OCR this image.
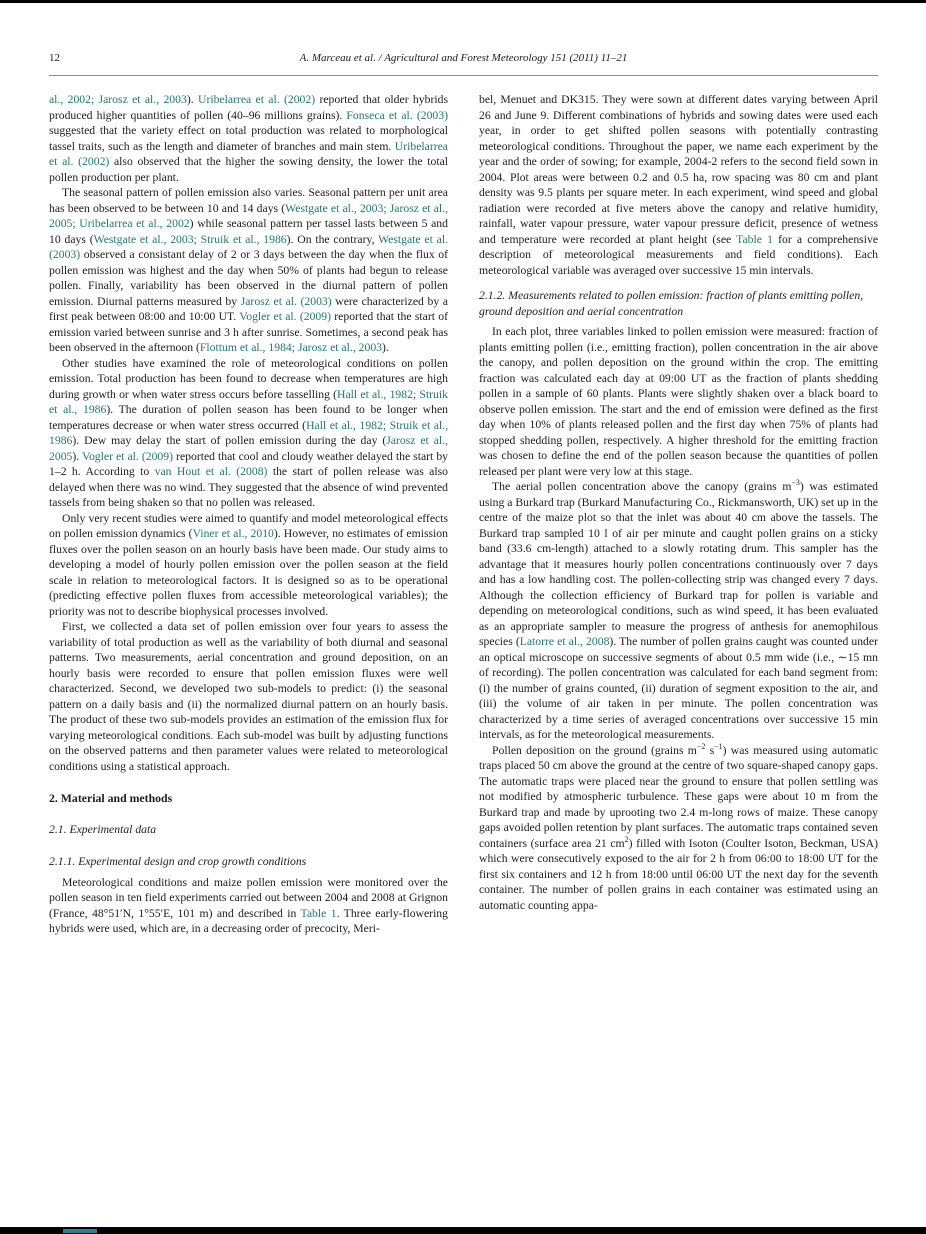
12	A. Marceau et al. / Agricultural and Forest Meteorology 151 (2011) 11–21

al., 2002; Jarosz et al., 2003). Uribelarrea et al. (2002) reported that older hybrids produced higher quantities of pollen (40–96 millions grains). Fonseca et al. (2003) suggested that the variety effect on total production was related to morphological tassel traits, such as the length and diameter of branches and main stem. Uribelarrea et al. (2002) also observed that the higher the sowing density, the lower the total pollen production per plant.

The seasonal pattern of pollen emission also varies. Seasonal pattern per unit area has been observed to be between 10 and 14 days (Westgate et al., 2003; Jarosz et al., 2005; Uribelarrea et al., 2002) while seasonal pattern per tassel lasts between 5 and 10 days (Westgate et al., 2003; Struik et al., 1986). On the contrary, Westgate et al. (2003) observed a consistant delay of 2 or 3 days between the day when the flux of pollen emission was highest and the day when 50% of plants had begun to release pollen. Finally, variability has been observed in the diurnal pattern of pollen emission. Diurnal patterns measured by Jarosz et al. (2003) were characterized by a first peak between 08:00 and 10:00 UT. Vogler et al. (2009) reported that the start of emission varied between sunrise and 3 h after sunrise. Sometimes, a second peak has been observed in the afternoon (Flottum et al., 1984; Jarosz et al., 2003).

Other studies have examined the role of meteorological conditions on pollen emission. Total production has been found to decrease when temperatures are high during growth or when water stress occurs before tasselling (Hall et al., 1982; Struik et al., 1986). The duration of pollen season has been found to be longer when temperatures decrease or when water stress occurred (Hall et al., 1982; Struik et al., 1986). Dew may delay the start of pollen emission during the day (Jarosz et al., 2005). Vogler et al. (2009) reported that cool and cloudy weather delayed the start by 1–2 h. According to van Hout et al. (2008) the start of pollen release was also delayed when there was no wind. They suggested that the absence of wind prevented tassels from being shaken so that no pollen was released.

Only very recent studies were aimed to quantify and model meteorological effects on pollen emission dynamics (Viner et al., 2010). However, no estimates of emission fluxes over the pollen season on an hourly basis have been made. Our study aims to developing a model of hourly pollen emission over the pollen season at the field scale in relation to meteorological factors. It is designed so as to be operational (predicting effective pollen fluxes from accessible meteorological variables); the priority was not to describe biophysical processes involved.

First, we collected a data set of pollen emission over four years to assess the variability of total production as well as the variability of both diurnal and seasonal patterns. Two measurements, aerial concentration and ground deposition, on an hourly basis were recorded to ensure that pollen emission fluxes were well characterized. Second, we developed two sub-models to predict: (i) the seasonal pattern on a daily basis and (ii) the normalized diurnal pattern on an hourly basis. The product of these two sub-models provides an estimation of the emission flux for varying meteorological conditions. Each sub-model was built by adjusting functions on the observed patterns and then parameter values were related to meteorological conditions using a statistical approach.

2. Material and methods
2.1. Experimental data
2.1.1. Experimental design and crop growth conditions

Meteorological conditions and maize pollen emission were monitored over the pollen season in ten field experiments carried out between 2004 and 2008 at Grignon (France, 48°51′N, 1°55′E, 101 m) and described in Table 1. Three early-flowering hybrids were used, which are, in a decreasing order of precocity, Meri-

bel, Menuet and DK315. They were sown at different dates varying between April 26 and June 9. Different combinations of hybrids and sowing dates were used each year, in order to get shifted pollen seasons with potentially contrasting meteorological conditions. Throughout the paper, we name each experiment by the year and the order of sowing; for example, 2004-2 refers to the second field sown in 2004. Plot areas were between 0.2 and 0.5 ha, row spacing was 80 cm and plant density was 9.5 plants per square meter. In each experiment, wind speed and global radiation were recorded at five meters above the canopy and relative humidity, rainfall, water vapour pressure, water vapour pressure deficit, presence of wetness and temperature were recorded at plant height (see Table 1 for a comprehensive description of meteorological measurements and field conditions). Each meteorological variable was averaged over successive 15 min intervals.

2.1.2. Measurements related to pollen emission: fraction of plants emitting pollen, ground deposition and aerial concentration

In each plot, three variables linked to pollen emission were measured: fraction of plants emitting pollen (i.e., emitting fraction), pollen concentration in the air above the canopy, and pollen deposition on the ground within the crop. The emitting fraction was calculated each day at 09:00 UT as the fraction of plants shedding pollen in a sample of 60 plants. Plants were slightly shaken over a black board to observe pollen emission. The start and the end of emission were defined as the first day when 10% of plants released pollen and the first day when 75% of plants had stopped shedding pollen, respectively. A higher threshold for the emitting fraction was chosen to define the end of the pollen season because the quantities of pollen released per plant were very low at this stage.

The aerial pollen concentration above the canopy (grains $m^{-3}$) was estimated using a Burkard trap (Burkard Manufacturing Co., Rickmansworth, UK) set up in the centre of the maize plot so that the inlet was about 40 cm above the tassels. The Burkard trap sampled 10 l of air per minute and caught pollen grains on a sticky band (33.6 cm-length) attached to a slowly rotating drum. This sampler has the advantage that it measures hourly pollen concentrations continuously over 7 days and has a low handling cost. The pollen-collecting strip was changed every 7 days. Although the collection efficiency of Burkard trap for pollen is variable and depending on meteorological conditions, such as wind speed, it has been evaluated as an appropriate sampler to measure the progress of anthesis for anemophilous species (Latorre et al., 2008). The number of pollen grains caught was counted under an optical microscope on successive segments of about 0.5 mm wide (i.e., ∼15 mn of recording). The pollen concentration was calculated for each band segment from: (i) the number of grains counted, (ii) duration of segment exposition to the air, and (iii) the volume of air taken in per minute. The pollen concentration was characterized by a time series of averaged concentrations over successive 15 min intervals, as for the meteorological measurements.

Pollen deposition on the ground (grains $m^{-2}$ $s^{-1}$) was measured using automatic traps placed 50 cm above the ground at the centre of two square-shaped canopy gaps. The automatic traps were placed near the ground to ensure that pollen settling was not modified by atmospheric turbulence. These gaps were about 10 m from the Burkard trap and made by uprooting two 2.4 m-long rows of maize. These canopy gaps avoided pollen retention by plant surfaces. The automatic traps contained seven containers (surface area 21 $cm^2$) filled with Isoton (Coulter Isoton, Beckman, USA) which were consecutively exposed to the air for 2 h from 06:00 to 18:00 UT for the first six containers and 12 h from 18:00 until 06:00 UT the next day for the seventh container. The number of pollen grains in each container was estimated using an automatic counting appa-
